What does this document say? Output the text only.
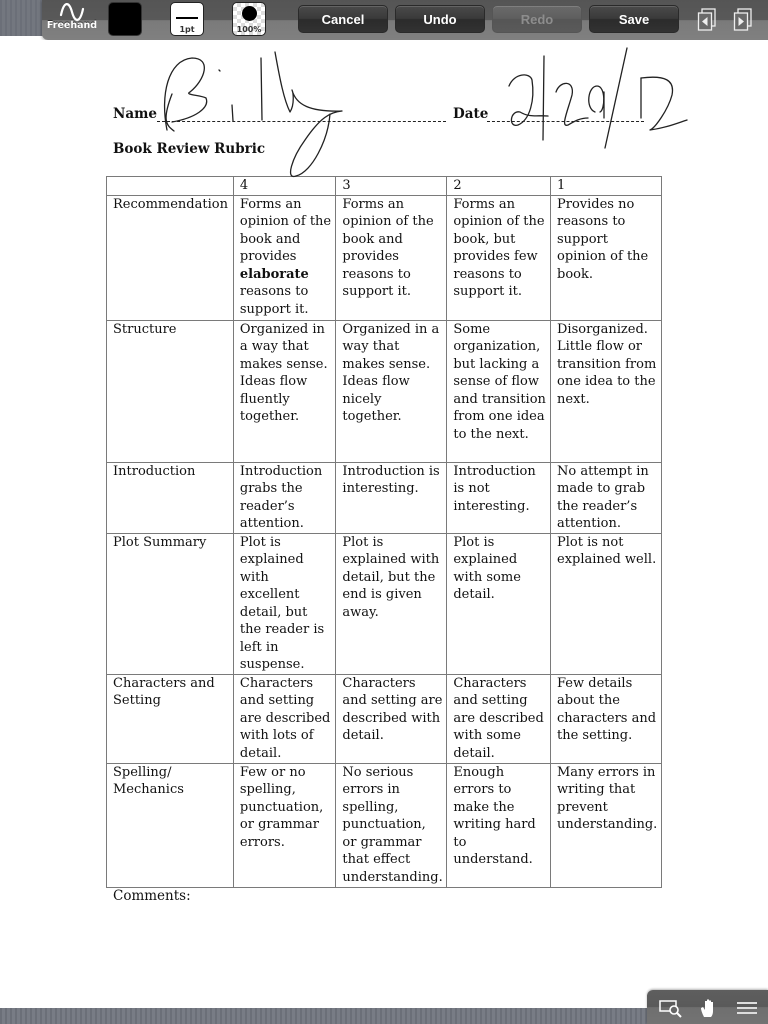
Freehand	1pt	100%
Cancel	Undo	Redo	Save
Name	Date
Book Review Rubric
	4	3	2	1
Recommendation	Forms an opinion of the book and provides elaborate reasons to support it.	Forms an opinion of the book and provides reasons to support it.	Forms an opinion of the book, but provides few reasons to support it.	Provides no reasons to support opinion of the book.
Structure	Organized in a way that makes sense. Ideas flow fluently together.	Organized in a way that makes sense. Ideas flow nicely together.	Some organization, but lacking a sense of flow and transition from one idea to the next.	Disorganized. Little flow or transition from one idea to the next.
Introduction	Introduction grabs the reader’s attention.	Introduction is interesting.	Introduction is not interesting.	No attempt in made to grab the reader’s attention.
Plot Summary	Plot is explained with excellent detail, but the reader is left in suspense.	Plot is explained with detail, but the end is given away.	Plot is explained with some detail.	Plot is not explained well.
Characters and Setting	Characters and setting are described with lots of detail.	Characters and setting are described with detail.	Characters and setting are described with some detail.	Few details about the characters and the setting.
Spelling/ Mechanics	Few or no spelling, punctuation, or grammar errors.	No serious errors in spelling, punctuation, or grammar that effect understanding.	Enough errors to make the writing hard to understand.	Many errors in writing that prevent understanding.
Comments:
